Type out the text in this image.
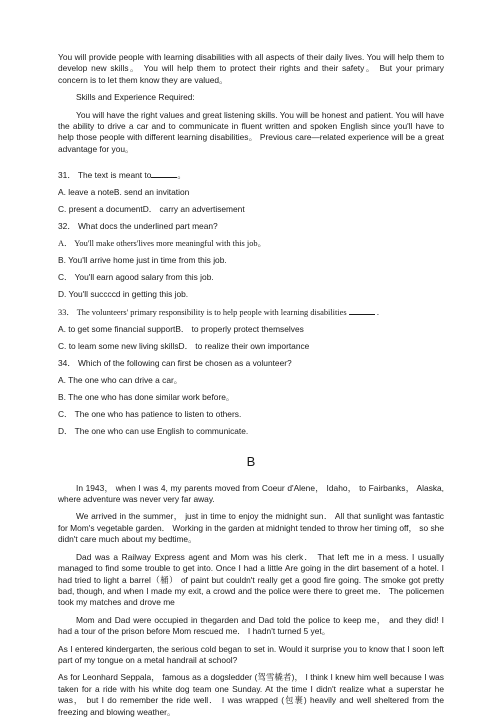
You will provide people with learning disabilities with all aspects of their daily lives. You will help them to develop new skills。 You will help them to protect their rights and their safety。 But your primary concern is to let them know they are valued。

Skills and Experience Required:

You will have the right values and great listening skills. You will be honest and patient. You will have the ability to drive a car and to communicate in fluent written and spoken English since you'll have to help those people with different learning disabilities。 Previous care—related experience will be a great advantage for you。

31． The text is meant to	。

A. leave a noteB. send an invitation

C. present a documentD． carry an advertisement

32． What docs the underlined part mean?

A． You'll make others'lives more meaningful with this job。

B. You'll arrive home just in time from this job.

C． You'll earn agood salary from this job.

D. You'll succccd in getting this job.

33． The volunteers' primary responsibility is to help people with learning disabilities	.

A. to get some financial supportB． to properly protect themselves

C. to leam some new living skillsD． to realize their own importance

34． Which of the following can first be chosen as a volunteer?

A. The one who can drive a car。

B. The one who has done similar work before。

C． The one who has patience to listen to others.

D． The one who can use English to communicate.

B

In 1943， when I was 4, my parents moved from Coeur d'Alene， Idaho， to Fairbanks， Alaska, where adventure was never very far away.

We arrived in the summer， just in time to enjoy the midnight sun． All that sunlight was fantastic for Mom's vegetable garden． Working in the garden at midnight tended to throw her timing off， so she didn't care much about my bedtime。

Dad was a Railway Express agent and Mom was his clerk． That left me in a mess. I usually managed to find some trouble to get into. Once I had a little Are going in the dirt basement of a hotel. I had tried to light a barrel（桶） of paint but couldn't really get a good fire going. The smoke got pretty bad, though, and when I made my exit, a crowd and the police were there to greet me． The policemen took my matches and drove me

Mom and Dad were occupied in thegarden and Dad told the police to keep me， and they did! I had a tour of the prison before Mom rescued me． I hadn't turned 5 yet。

As I entered kindergarten, the serious cold began to set in. Would it surprise you to know that I soon left part of my tongue on a metal handrail at school?

As for Leonhard Seppala， famous as a dogsledder (驾雪橇者)， I think I knew him well because I was taken for a ride with his white dog team one Sunday. At the time I didn't realize what a superstar he was， but I do remember the ride well． I was wrapped (包裹) heavily and well sheltered from the freezing and blowing weather。
